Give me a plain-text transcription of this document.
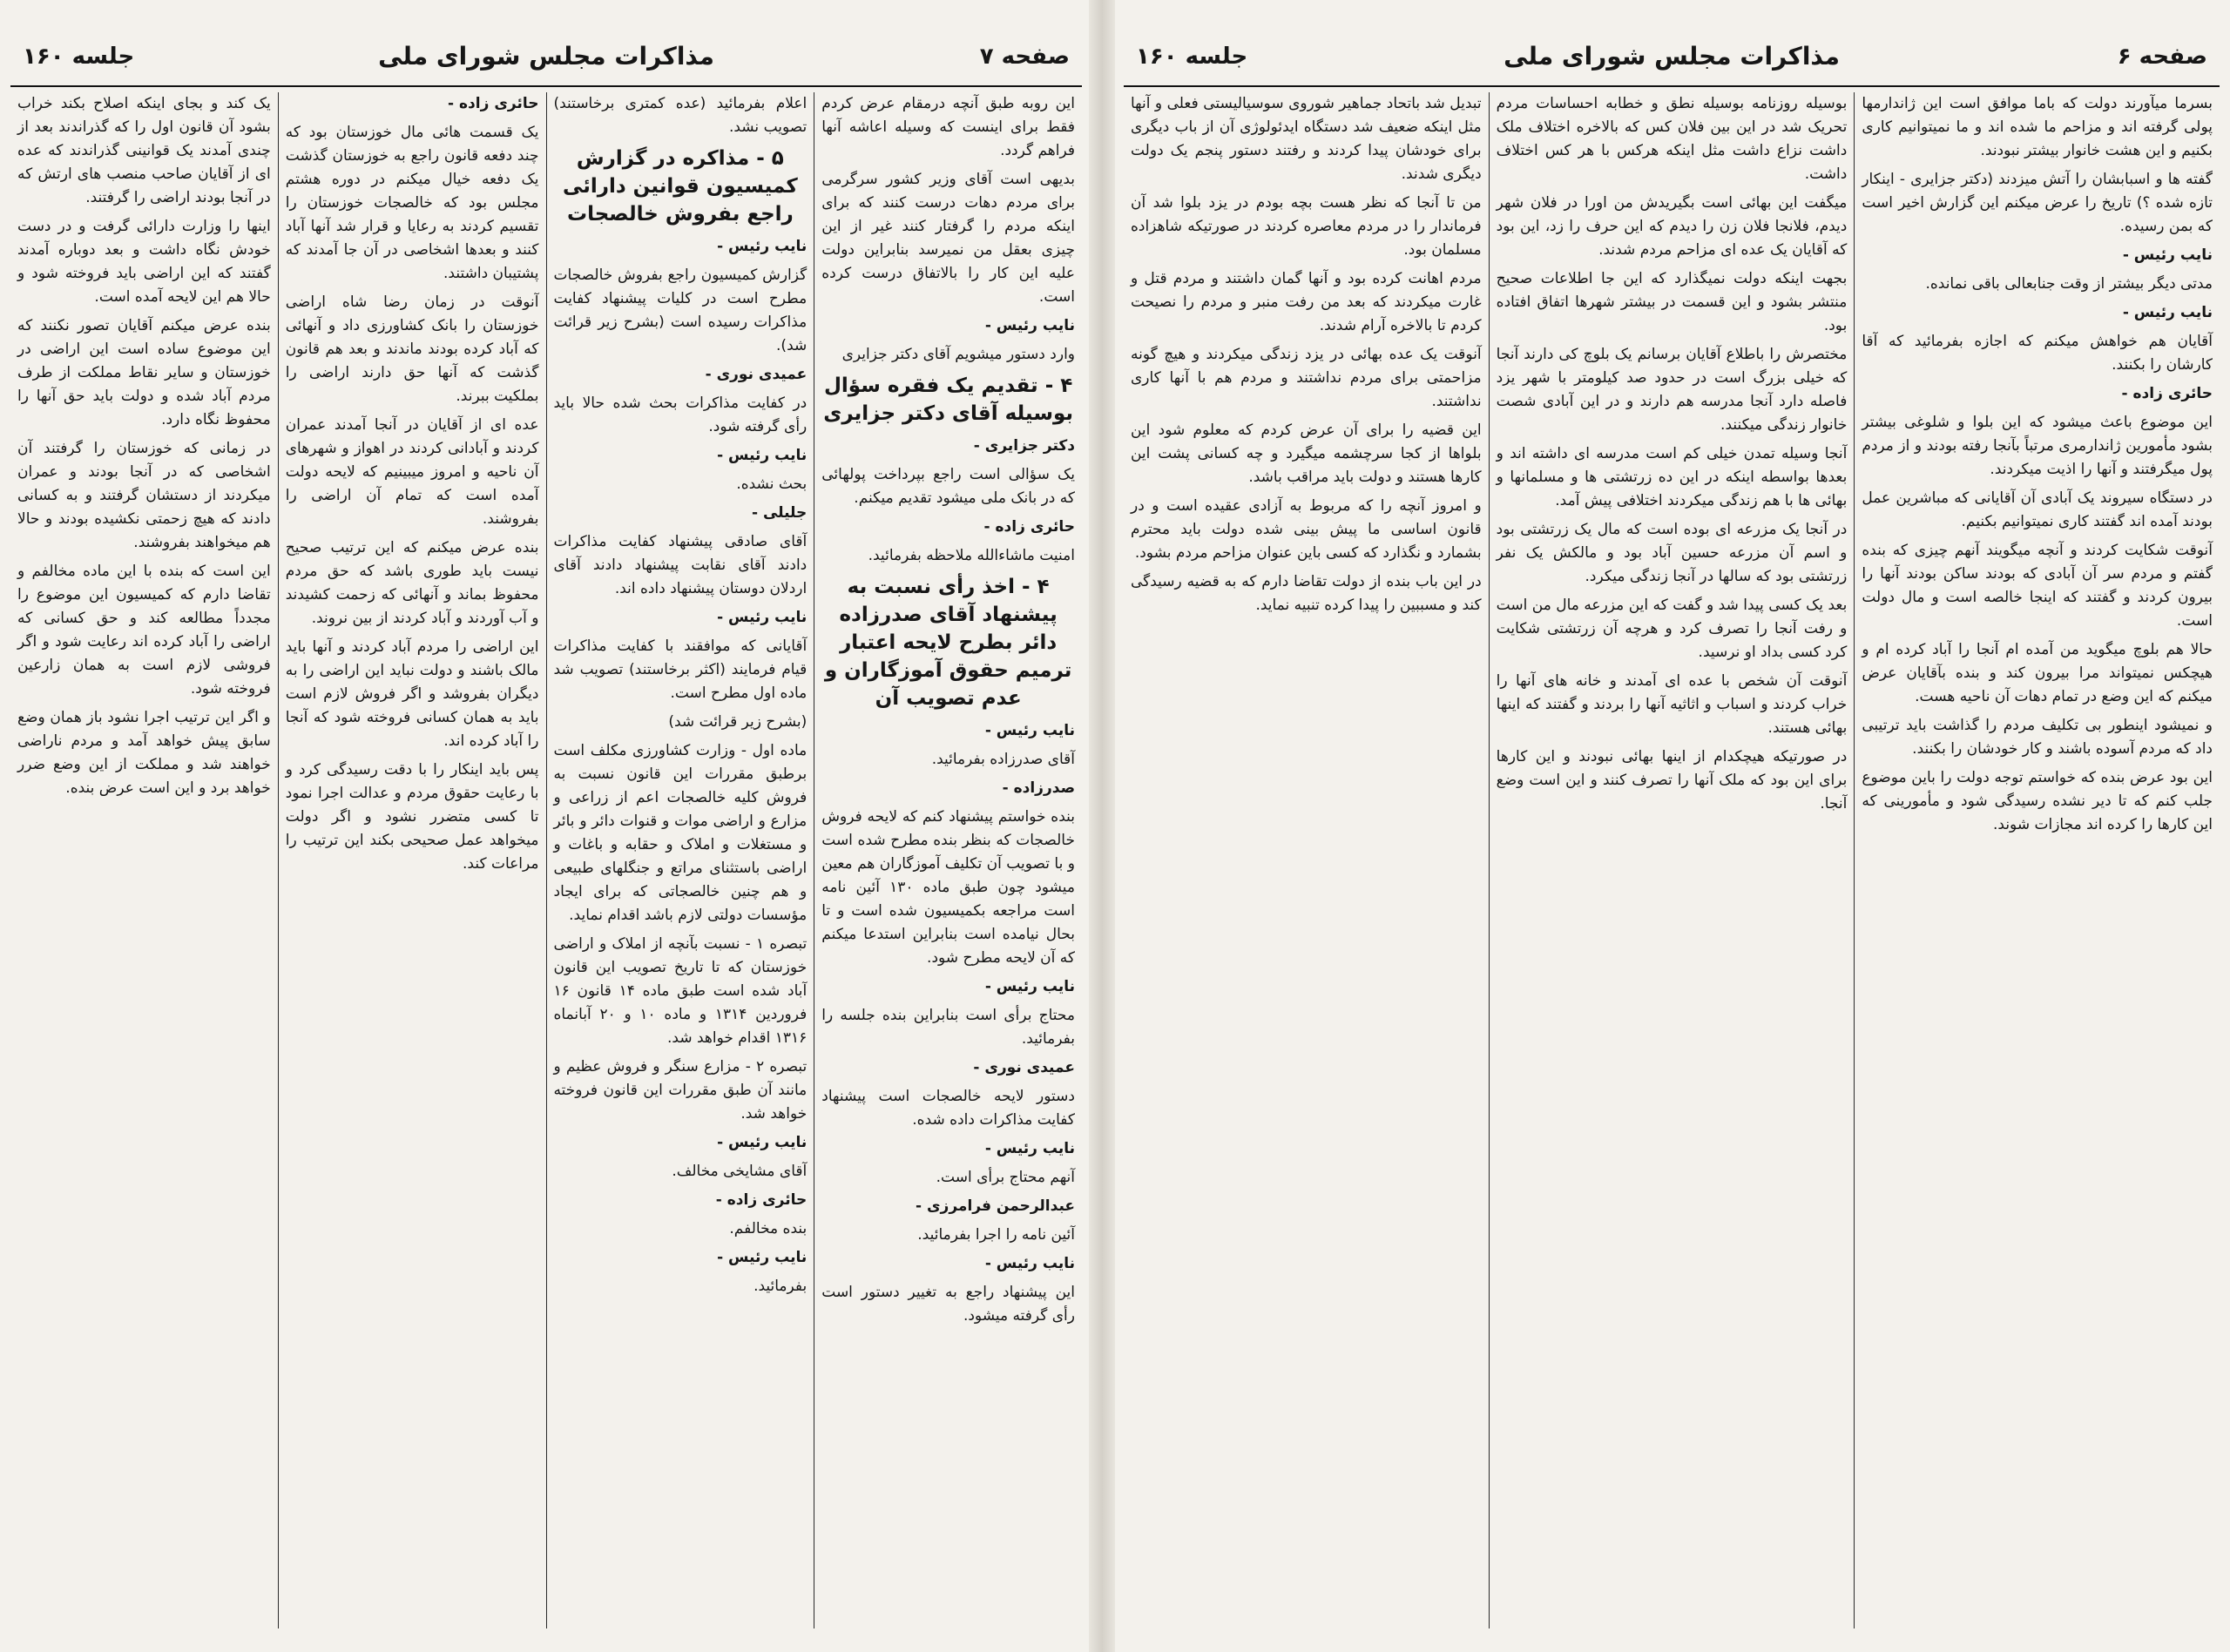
صفحه ۷
مذاکرات مجلس شورای ملی
جلسه ۱۶۰

این روبه طبق آنچه درمقام عرض کردم فقط برای اینست که وسیله اعاشه آنها فراهم گردد.

بدیهی است آقای وزیر کشور سرگرمی برای مردم دهات درست کنند که برای اینکه مردم را گرفتار کنند غیر از این چیزی بعقل من نمیرسد بنابراین دولت علیه این کار را بالاتفاق درست کرده است.

نایب رئیس -

وارد دستور میشویم آقای دکتر جزایری

۴ - تقدیم یک فقره سؤال بوسیله آقای دکتر جزایری

دکتر جزایری -

یک سؤالی است راجع بپرداخت پولهائی که در بانک ملی میشود تقدیم میکنم.

حائری زاده -

امنیت ماشاءالله ملاحظه بفرمائید.

۴ - اخذ رأی نسبت به پیشنهاد آقای صدرزاده دائر بطرح لایحه اعتبار ترمیم حقوق آموزگاران و عدم تصویب آن

نایب رئیس -

آقای صدرزاده بفرمائید.

صدرزاده -

بنده خواستم پیشنهاد کنم که لایحه فروش خالصجات که بنظر بنده مطرح شده است و با تصویب آن تکلیف آموزگاران هم معین میشود چون طبق ماده ۱۳۰ آئین نامه است مراجعه بکمیسیون شده است و تا بحال نیامده است بنابراین استدعا میکنم که آن لایحه مطرح شود.

نایب رئیس -

محتاج برأی است بنابراین بنده جلسه را بفرمائید.

عمیدی نوری -

دستور لایحه خالصجات است پیشنهاد کفایت مذاکرات داده شده.

نایب رئیس -

آنهم محتاج برأی است.

عبدالرحمن فرامرزی -

آئین نامه را اجرا بفرمائید.

نایب رئیس -

این پیشنهاد راجع به تغییر دستور است رأی گرفته میشود.

اعلام بفرمائید (عده کمتری برخاستند) تصویب نشد.

۵ - مذاکره در گزارش کمیسیون قوانین دارائی راجع بفروش خالصجات

نایب رئیس -

گزارش کمیسیون راجع بفروش خالصجات مطرح است در کلیات پیشنهاد کفایت مذاکرات رسیده است (بشرح زیر قرائت شد).

عمیدی نوری -

در کفایت مذاکرات بحث شده حالا باید رأی گرفته شود.

نایب رئیس -

بحث نشده.

جلیلی -

آقای صادقی پیشنهاد کفایت مذاکرات دادند آقای نقابت پیشنهاد دادند آقای اردلان دوستان پیشنهاد داده اند.

نایب رئیس -

آقایانی که موافقند با کفایت مذاکرات قیام فرمایند (اکثر برخاستند) تصویب شد ماده اول مطرح است.

(بشرح زیر قرائت شد)

ماده اول - وزارت کشاورزی مکلف است برطبق مقررات این قانون نسبت به فروش کلیه خالصجات اعم از زراعی و مزارع و اراضی موات و قنوات دائر و بائر و مستغلات و املاک و حقابه و باغات و اراضی باستثنای مراتع و جنگلهای طبیعی و هم چنین خالصجاتی که برای ایجاد مؤسسات دولتی لازم باشد اقدام نماید.

تبصره ۱ - نسبت بآنچه از املاک و اراضی خوزستان که تا تاریخ تصویب این قانون آباد شده است طبق ماده ۱۴ قانون ۱۶ فروردین ۱۳۱۴ و ماده ۱۰ و ۲۰ آبانماه ۱۳۱۶ اقدام خواهد شد.

تبصره ۲ - مزارع سنگر و فروش عظیم و مانند آن طبق مقررات این قانون فروخته خواهد شد.

نایب رئیس -

آقای مشایخی مخالف.

حائری زاده -

بنده مخالفم.

نایب رئیس -

بفرمائید.

حائری زاده -

یک قسمت هائی مال خوزستان بود که چند دفعه قانون راجع به خوزستان گذشت یک دفعه خیال میکنم در دوره هشتم مجلس بود که خالصجات خوزستان را تقسیم کردند به رعایا و قرار شد آنها آباد کنند و بعدها اشخاصی در آن جا آمدند که پشتیبان داشتند.

آنوقت در زمان رضا شاه اراضی خوزستان را بانک کشاورزی داد و آنهائی که آباد کرده بودند ماندند و بعد هم قانون گذشت که آنها حق دارند اراضی را بملکیت ببرند.

عده ای از آقایان در آنجا آمدند عمران کردند و آبادانی کردند در اهواز و شهرهای آن ناحیه و امروز میبینیم که لایحه دولت آمده است که تمام آن اراضی را بفروشند.

بنده عرض میکنم که این ترتیب صحیح نیست باید طوری باشد که حق مردم محفوظ بماند و آنهائی که زحمت کشیدند و آب آوردند و آباد کردند از بین نروند.

این اراضی را مردم آباد کردند و آنها باید مالک باشند و دولت نباید این اراضی را به دیگران بفروشد و اگر فروش لازم است باید به همان کسانی فروخته شود که آنجا را آباد کرده اند.

پس باید اینکار را با دقت رسیدگی کرد و با رعایت حقوق مردم و عدالت اجرا نمود تا کسی متضرر نشود و اگر دولت میخواهد عمل صحیحی بکند این ترتیب را مراعات کند.

یک کند و بجای اینکه اصلاح بکند خراب بشود آن قانون اول را که گذراندند بعد از چندی آمدند یک قوانینی گذراندند که عده ای از آقایان صاحب منصب های ارتش که در آنجا بودند اراضی را گرفتند.

اینها را وزارت دارائی گرفت و در دست خودش نگاه داشت و بعد دوباره آمدند گفتند که این اراضی باید فروخته شود و حالا هم این لایحه آمده است.

بنده عرض میکنم آقایان تصور نکنند که این موضوع ساده است این اراضی در خوزستان و سایر نقاط مملکت از طرف مردم آباد شده و دولت باید حق آنها را محفوظ نگاه دارد.

در زمانی که خوزستان را گرفتند آن اشخاصی که در آنجا بودند و عمران میکردند از دستشان گرفتند و به کسانی دادند که هیچ زحمتی نکشیده بودند و حالا هم میخواهند بفروشند.

این است که بنده با این ماده مخالفم و تقاضا دارم که کمیسیون این موضوع را مجدداً مطالعه کند و حق کسانی که اراضی را آباد کرده اند رعایت شود و اگر فروشی لازم است به همان زارعین فروخته شود.

و اگر این ترتیب اجرا نشود باز همان وضع سابق پیش خواهد آمد و مردم ناراضی خواهند شد و مملکت از این وضع ضرر خواهد برد و این است عرض بنده.

صفحه ۶
مذاکرات مجلس شورای ملی
جلسه ۱۶۰

بسرما میآورند دولت که باما موافق است این ژاندارمها پولی گرفته اند و مزاحم ما شده اند و ما نمیتوانیم کاری بکنیم و این هشت خانوار بیشتر نبودند.

گفته ها و اسبابشان را آتش میزدند (دکتر جزایری - اینکار تازه شده ؟) تاریخ را عرض میکنم این گزارش اخیر است که بمن رسیده.

نایب رئیس -

مدتی دیگر بیشتر از وقت جنابعالی باقی نمانده.

نایب رئیس -

آقایان هم خواهش میکنم که اجازه بفرمائید که آقا کارشان را بکنند.

حائری زاده -

این موضوع باعث میشود که این بلوا و شلوغی بیشتر بشود مأمورین ژاندارمری مرتباً بآنجا رفته بودند و از مردم پول میگرفتند و آنها را اذیت میکردند.

در دستگاه سیروند یک آبادی آن آقایانی که مباشرین عمل بودند آمده اند گفتند کاری نمیتوانیم بکنیم.

آنوقت شکایت کردند و آنچه میگویند آنهم چیزی که بنده گفتم و مردم سر آن آبادی که بودند ساکن بودند آنها را بیرون کردند و گفتند که اینجا خالصه است و مال دولت است.

حالا هم بلوچ میگوید من آمده ام آنجا را آباد کرده ام و هیچکس نمیتواند مرا بیرون کند و بنده بآقایان عرض میکنم که این وضع در تمام دهات آن ناحیه هست.

و نمیشود اینطور بی تکلیف مردم را گذاشت باید ترتیبی داد که مردم آسوده باشند و کار خودشان را بکنند.

این بود عرض بنده که خواستم توجه دولت را باین موضوع جلب کنم که تا دیر نشده رسیدگی شود و مأمورینی که این کارها را کرده اند مجازات شوند.

بوسیله روزنامه بوسیله نطق و خطابه احساسات مردم تحریک شد در این بین فلان کس که بالاخره اختلاف ملک داشت نزاع داشت مثل اینکه هرکس با هر کس اختلاف داشت.

میگفت این بهائی است بگیریدش من اورا در فلان شهر دیدم، فلانجا فلان زن را دیدم که این حرف را زد، این بود که آقایان یک عده ای مزاحم مردم شدند.

بجهت اینکه دولت نمیگذارد که این جا اطلاعات صحیح منتشر بشود و این قسمت در بیشتر شهرها اتفاق افتاده بود.

مختصرش را باطلاع آقایان برسانم یک بلوچ کی دارند آنجا که خیلی بزرگ است در حدود صد کیلومتر با شهر یزد فاصله دارد آنجا مدرسه هم دارند و در این آبادی شصت خانوار زندگی میکنند.

آنجا وسیله تمدن خیلی کم است مدرسه ای داشته اند و بعدها بواسطه اینکه در این ده زرتشتی ها و مسلمانها و بهائی ها با هم زندگی میکردند اختلافی پیش آمد.

در آنجا یک مزرعه ای بوده است که مال یک زرتشتی بود و اسم آن مزرعه حسین آباد بود و مالکش یک نفر زرتشتی بود که سالها در آنجا زندگی میکرد.

بعد یک کسی پیدا شد و گفت که این مزرعه مال من است و رفت آنجا را تصرف کرد و هرچه آن زرتشتی شکایت کرد کسی بداد او نرسید.

آنوقت آن شخص با عده ای آمدند و خانه های آنها را خراب کردند و اسباب و اثاثیه آنها را بردند و گفتند که اینها بهائی هستند.

در صورتیکه هیچکدام از اینها بهائی نبودند و این کارها برای این بود که ملک آنها را تصرف کنند و این است وضع آنجا.

تبدیل شد باتحاد جماهیر شوروی سوسیالیستی فعلی و آنها مثل اینکه ضعیف شد دستگاه ایدئولوژی آن از باب دیگری برای خودشان پیدا کردند و رفتند دستور پنجم یک دولت دیگری شدند.

من تا آنجا که نظر هست بچه بودم در یزد بلوا شد آن فرماندار را در مردم معاصره کردند در صورتیکه شاهزاده مسلمان بود.

مردم اهانت کرده بود و آنها گمان داشتند و مردم قتل و غارت میکردند که بعد من رفت منبر و مردم را نصیحت کردم تا بالاخره آرام شدند.

آنوقت یک عده بهائی در یزد زندگی میکردند و هیچ گونه مزاحمتی برای مردم نداشتند و مردم هم با آنها کاری نداشتند.

این قضیه را برای آن عرض کردم که معلوم شود این بلواها از کجا سرچشمه میگیرد و چه کسانی پشت این کارها هستند و دولت باید مراقب باشد.

و امروز آنچه را که مربوط به آزادی عقیده است و در قانون اساسی ما پیش بینی شده دولت باید محترم بشمارد و نگذارد که کسی باین عنوان مزاحم مردم بشود.

در این باب بنده از دولت تقاضا دارم که به قضیه رسیدگی کند و مسببین را پیدا کرده تنبیه نماید.
